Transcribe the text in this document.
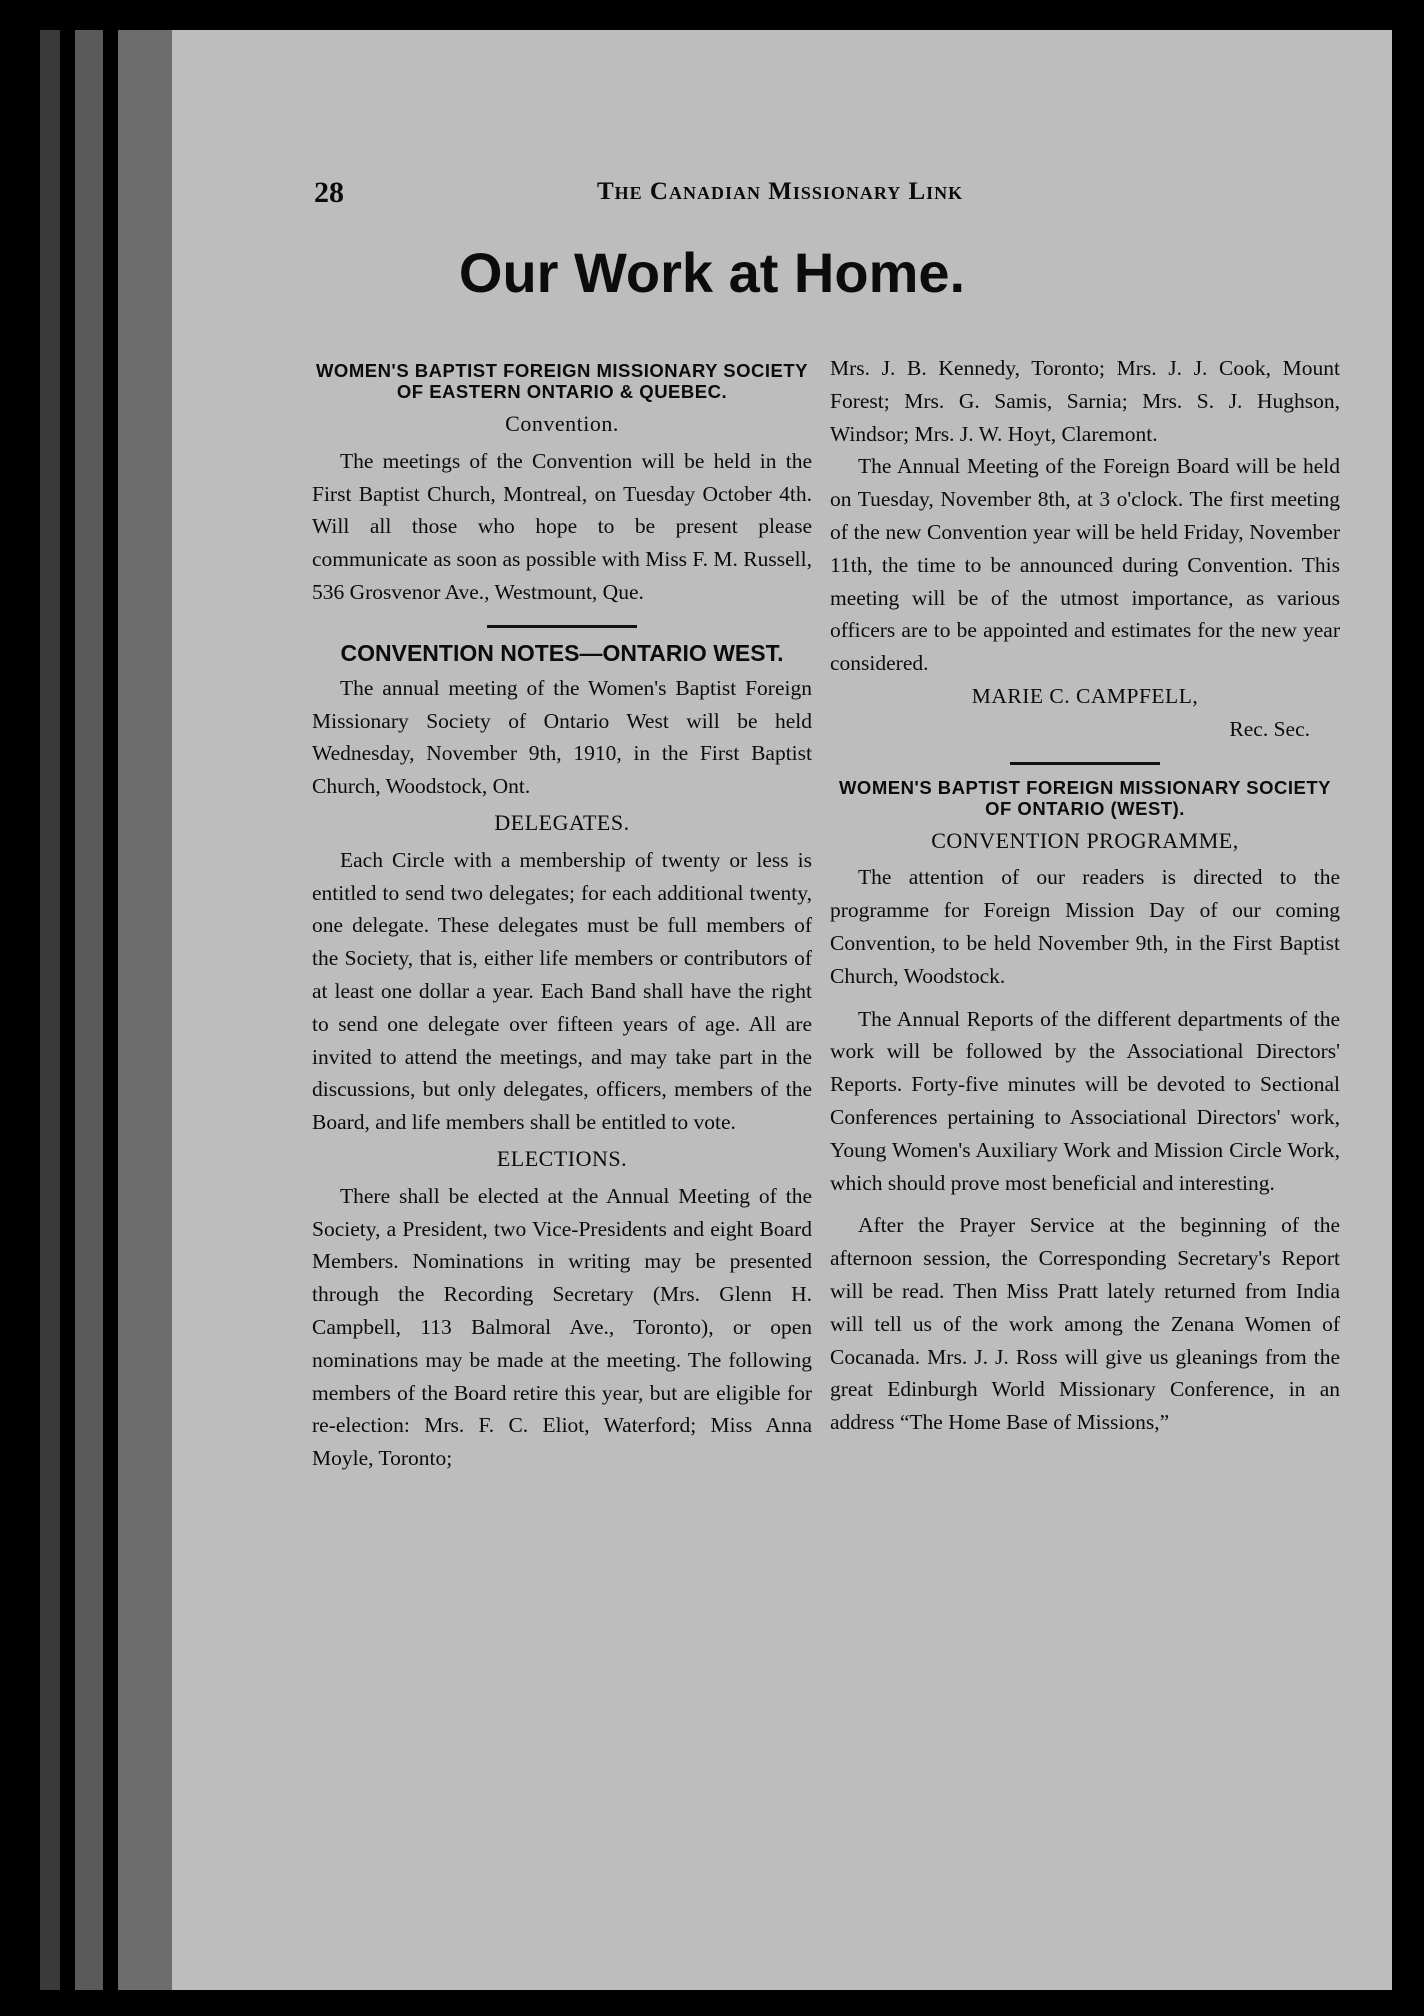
28	The Canadian Missionary Link
Our Work at Home.
WOMEN'S BAPTIST FOREIGN MISSIONARY SOCIETY OF EASTERN ONTARIO & QUEBEC.
Convention.

The meetings of the Convention will be held in the First Baptist Church, Montreal, on Tuesday October 4th. Will all those who hope to be present please communicate as soon as possible with Miss F. M. Russell, 536 Grosvenor Ave., Westmount, Que.

CONVENTION NOTES—ONTARIO WEST.

The annual meeting of the Women's Baptist Foreign Missionary Society of Ontario West will be held Wednesday, November 9th, 1910, in the First Baptist Church, Woodstock, Ont.

DELEGATES.

Each Circle with a membership of twenty or less is entitled to send two delegates; for each additional twenty, one delegate. These delegates must be full members of the Society, that is, either life members or contributors of at least one dollar a year. Each Band shall have the right to send one delegate over fifteen years of age. All are invited to attend the meetings, and may take part in the discussions, but only delegates, officers, members of the Board, and life members shall be entitled to vote.

ELECTIONS.

There shall be elected at the Annual Meeting of the Society, a President, two Vice-Presidents and eight Board Members. Nominations in writing may be presented through the Recording Secretary (Mrs. Glenn H. Campbell, 113 Balmoral Ave., Toronto), or open nominations may be made at the meeting. The following members of the Board retire this year, but are eligible for re-election: Mrs. F. C. Eliot, Waterford; Miss Anna Moyle, Toronto;

Mrs. J. B. Kennedy, Toronto; Mrs. J. J. Cook, Mount Forest; Mrs. G. Samis, Sarnia; Mrs. S. J. Hughson, Windsor; Mrs. J. W. Hoyt, Claremont.

The Annual Meeting of the Foreign Board will be held on Tuesday, November 8th, at 3 o'clock. The first meeting of the new Convention year will be held Friday, November 11th, the time to be announced during Convention. This meeting will be of the utmost importance, as various officers are to be appointed and estimates for the new year considered.

MARIE C. CAMPFELL,

Rec. Sec.

WOMEN'S BAPTIST FOREIGN MISSIONARY SOCIETY OF ONTARIO (WEST).
CONVENTION PROGRAMME,

The attention of our readers is directed to the programme for Foreign Mission Day of our coming Convention, to be held November 9th, in the First Baptist Church, Woodstock.

The Annual Reports of the different departments of the work will be followed by the Associational Directors' Reports. Forty-five minutes will be devoted to Sectional Conferences pertaining to Associational Directors' work, Young Women's Auxiliary Work and Mission Circle Work, which should prove most beneficial and interesting.

After the Prayer Service at the beginning of the afternoon session, the Corresponding Secretary's Report will be read. Then Miss Pratt lately returned from India will tell us of the work among the Zenana Women of Cocanada. Mrs. J. J. Ross will give us gleanings from the great Edinburgh World Missionary Conference, in an address “The Home Base of Missions,”
